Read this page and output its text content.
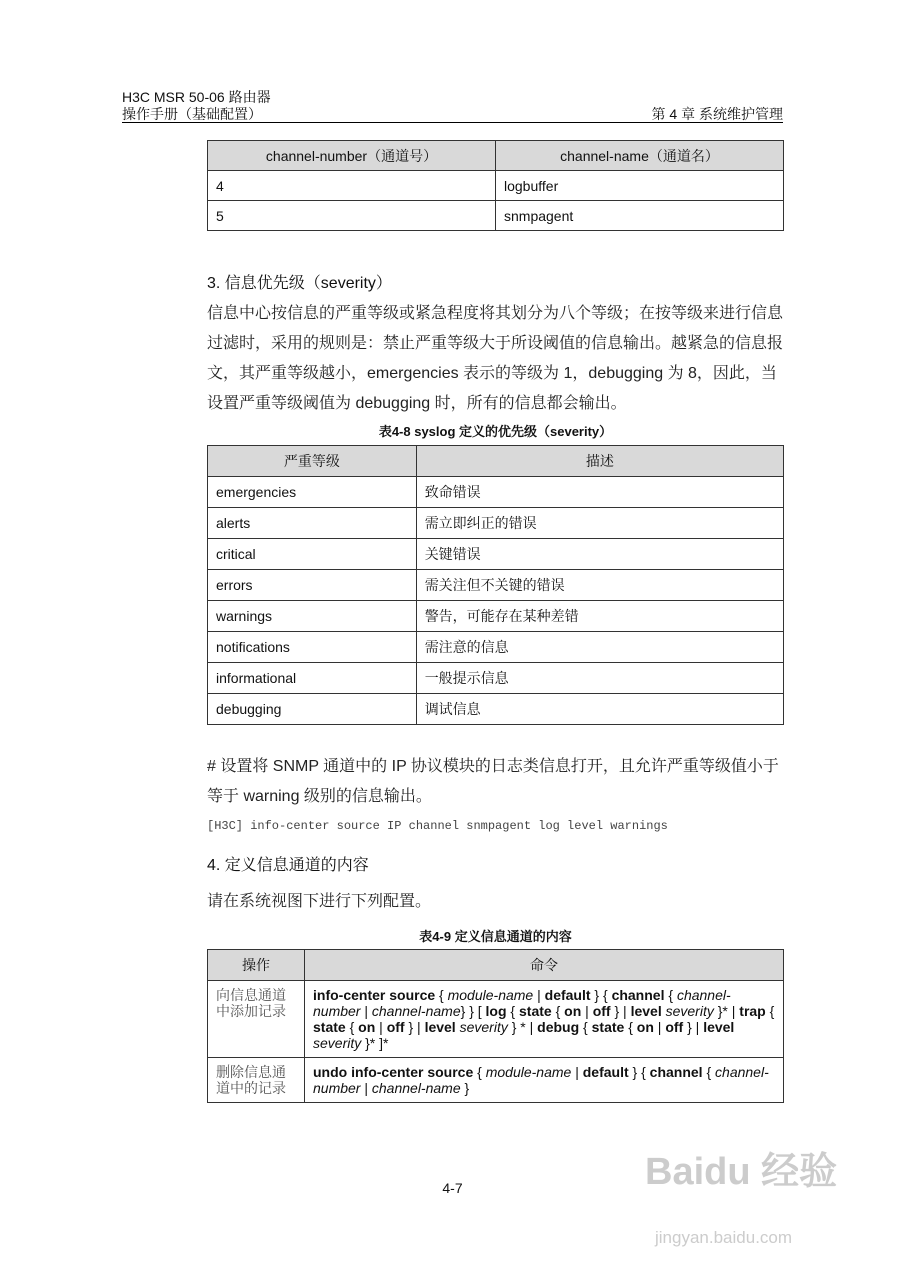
H3C MSR 50-06 路由器
操作手册（基础配置）	第 4 章 系统维护管理
channel-number（通道号）	channel-name（通道名）
4	logbuffer
5	snmpagent
3. 信息优先级（severity）
信息中心按信息的严重等级或紧急程度将其划分为八个等级；在按等级来进行信息过滤时，采用的规则是：禁止严重等级大于所设阈值的信息输出。越紧急的信息报文，其严重等级越小，emergencies 表示的等级为 1，debugging 为 8，因此，当设置严重等级阈值为 debugging 时，所有的信息都会输出。
表4-8 syslog 定义的优先级（severity）
严重等级	描述
emergencies	致命错误
alerts	需立即纠正的错误
critical	关键错误
errors	需关注但不关键的错误
warnings	警告，可能存在某种差错
notifications	需注意的信息
informational	一般提示信息
debugging	调试信息
# 设置将 SNMP 通道中的 IP 协议模块的日志类信息打开，且允许严重等级值小于等于 warning 级别的信息输出。
[H3C] info-center source IP channel snmpagent log level warnings
4. 定义信息通道的内容
请在系统视图下进行下列配置。
表4-9 定义信息通道的内容
操作	命令
向信息通道中添加记录	info-center source { module-name | default } { channel { channel-number | channel-name} } [ log { state { on | off } | level severity }* | trap { state { on | off } | level severity } * | debug { state { on | off } | level severity }* ]*
删除信息通道中的记录	undo info-center source { module-name | default } { channel { channel-number | channel-name }
4-7	Baidu 经验
jingyan.baidu.com
